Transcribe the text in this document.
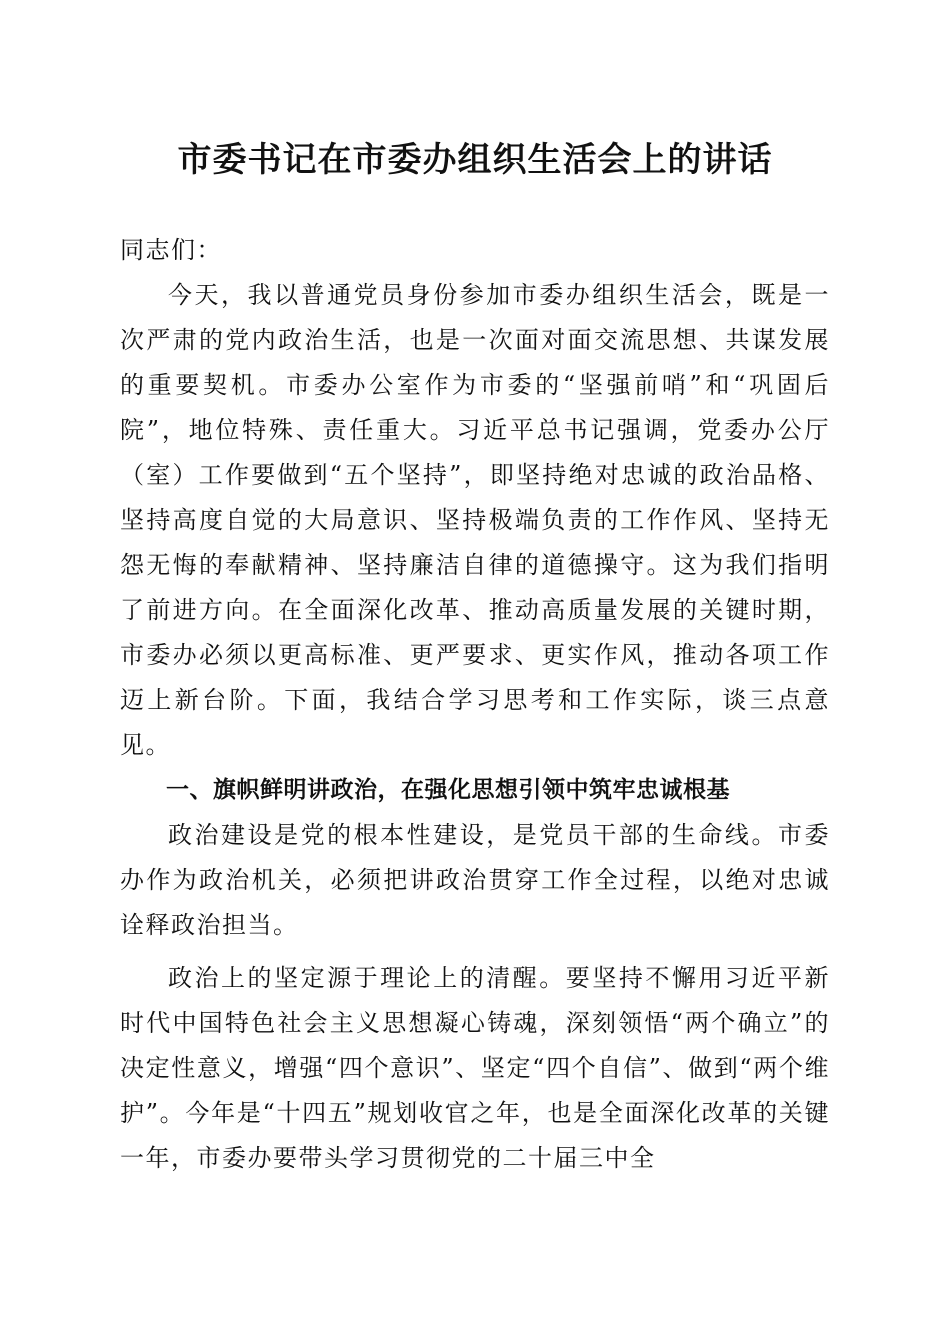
市委书记在市委办组织生活会上的讲话

同志们：

今天，我以普通党员身份参加市委办组织生活会，既是一次严肃的党内政治生活，也是一次面对面交流思想、共谋发展的重要契机。市委办公室作为市委的“坚强前哨”和“巩固后院”，地位特殊、责任重大。习近平总书记强调，党委办公厅（室）工作要做到“五个坚持”，即坚持绝对忠诚的政治品格、坚持高度自觉的大局意识、坚持极端负责的工作作风、坚持无怨无悔的奉献精神、坚持廉洁自律的道德操守。这为我们指明了前进方向。在全面深化改革、推动高质量发展的关键时期，市委办必须以更高标准、更严要求、更实作风，推动各项工作迈上新台阶。下面，我结合学习思考和工作实际，谈三点意见。

一、旗帜鲜明讲政治，在强化思想引领中筑牢忠诚根基

政治建设是党的根本性建设，是党员干部的生命线。市委办作为政治机关，必须把讲政治贯穿工作全过程，以绝对忠诚诠释政治担当。

政治上的坚定源于理论上的清醒。要坚持不懈用习近平新时代中国特色社会主义思想凝心铸魂，深刻领悟“两个确立”的决定性意义，增强“四个意识”、坚定“四个自信”、做到“两个维护”。今年是“十四五”规划收官之年，也是全面深化改革的关键一年，市委办要带头学习贯彻党的二十届三中全
